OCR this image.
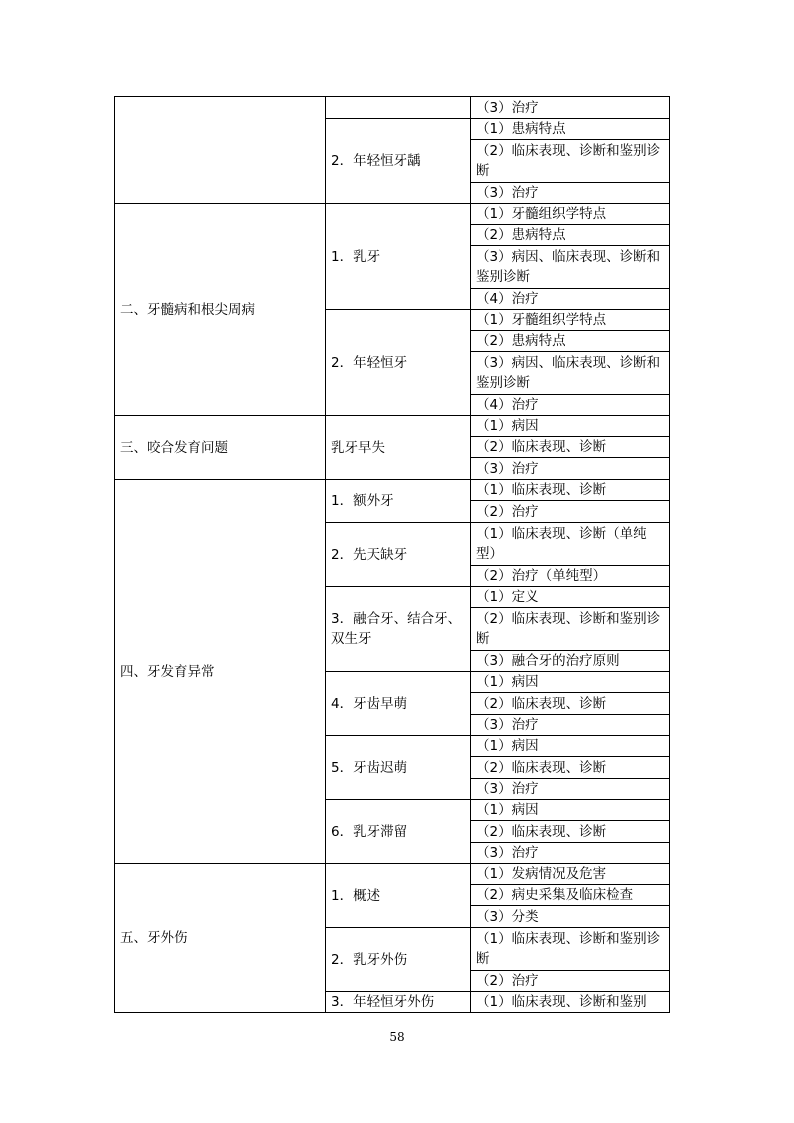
		（3）治疗
	2．年轻恒牙龋	（1）患病特点
		（2）临床表现、诊断和鉴别诊断
		（3）治疗
二、牙髓病和根尖周病	1．乳牙	（1）牙髓组织学特点
		（2）患病特点
		（3）病因、临床表现、诊断和鉴别诊断
		（4）治疗
	2．年轻恒牙	（1）牙髓组织学特点
		（2）患病特点
		（3）病因、临床表现、诊断和鉴别诊断
		（4）治疗
三、咬合发育问题	乳牙早失	（1）病因
		（2）临床表现、诊断
		（3）治疗
四、牙发育异常	1．额外牙	（1）临床表现、诊断
		（2）治疗
	2．先天缺牙	（1）临床表现、诊断（单纯型）
		（2）治疗（单纯型）
	3．融合牙、结合牙、双生牙	（1）定义
		（2）临床表现、诊断和鉴别诊断
		（3）融合牙的治疗原则
	4．牙齿早萌	（1）病因
		（2）临床表现、诊断
		（3）治疗
	5．牙齿迟萌	（1）病因
		（2）临床表现、诊断
		（3）治疗
	6．乳牙滞留	（1）病因
		（2）临床表现、诊断
		（3）治疗
五、牙外伤	1．概述	（1）发病情况及危害
		（2）病史采集及临床检查
		（3）分类
	2．乳牙外伤	（1）临床表现、诊断和鉴别诊断
		（2）治疗
	3．年轻恒牙外伤	（1）临床表现、诊断和鉴别
58
